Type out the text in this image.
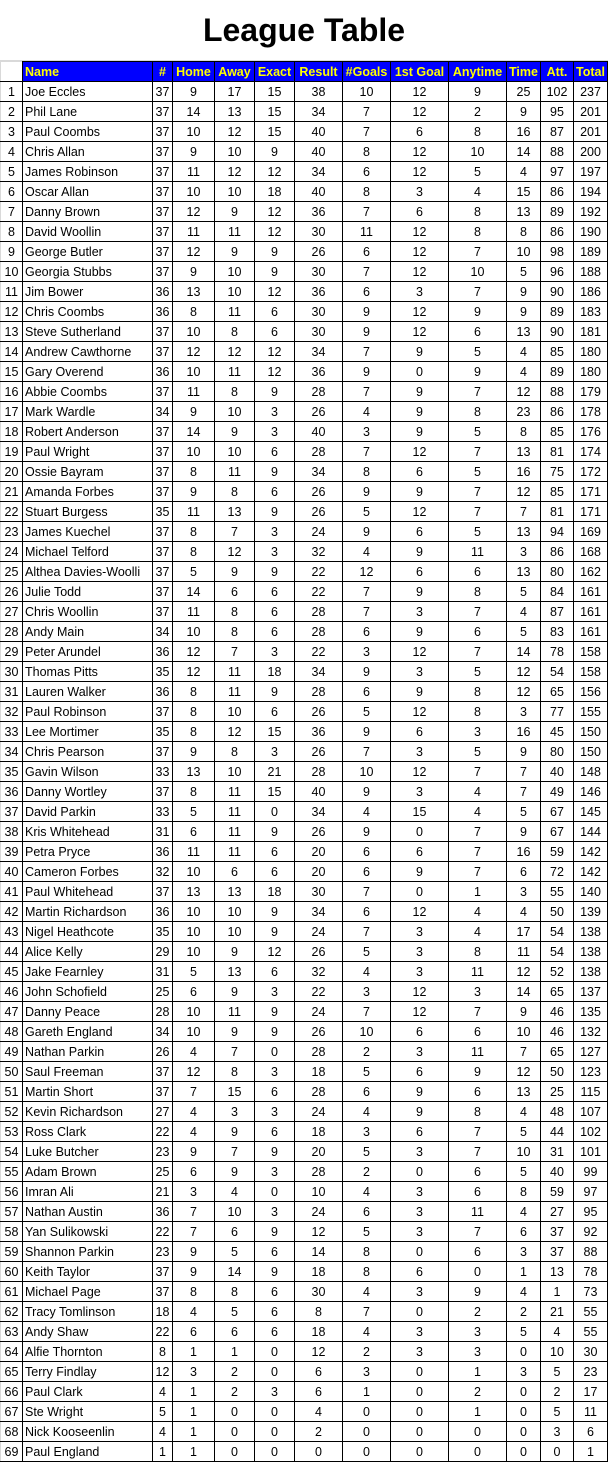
League Table
	Name	#	Home	Away	Exact	Result	#Goals	1st Goal	Anytime	Time	Att.	Total
1	Joe Eccles	37	9	17	15	38	10	12	9	25	102	237
2	Phil Lane	37	14	13	15	34	7	12	2	9	95	201
3	Paul Coombs	37	10	12	15	40	7	6	8	16	87	201
4	Chris Allan	37	9	10	9	40	8	12	10	14	88	200
5	James Robinson	37	11	12	12	34	6	12	5	4	97	197
6	Oscar Allan	37	10	10	18	40	8	3	4	15	86	194
7	Danny Brown	37	12	9	12	36	7	6	8	13	89	192
8	David Woollin	37	11	11	12	30	11	12	8	8	86	190
9	George Butler	37	12	9	9	26	6	12	7	10	98	189
10	Georgia Stubbs	37	9	10	9	30	7	12	10	5	96	188
11	Jim Bower	36	13	10	12	36	6	3	7	9	90	186
12	Chris Coombs	36	8	11	6	30	9	12	9	9	89	183
13	Steve Sutherland	37	10	8	6	30	9	12	6	13	90	181
14	Andrew Cawthorne	37	12	12	12	34	7	9	5	4	85	180
15	Gary Overend	36	10	11	12	36	9	0	9	4	89	180
16	Abbie Coombs	37	11	8	9	28	7	9	7	12	88	179
17	Mark Wardle	34	9	10	3	26	4	9	8	23	86	178
18	Robert Anderson	37	14	9	3	40	3	9	5	8	85	176
19	Paul Wright	37	10	10	6	28	7	12	7	13	81	174
20	Ossie Bayram	37	8	11	9	34	8	6	5	16	75	172
21	Amanda Forbes	37	9	8	6	26	9	9	7	12	85	171
22	Stuart Burgess	35	11	13	9	26	5	12	7	7	81	171
23	James Kuechel	37	8	7	3	24	9	6	5	13	94	169
24	Michael Telford	37	8	12	3	32	4	9	11	3	86	168
25	Althea Davies-Woolli	37	5	9	9	22	12	6	6	13	80	162
26	Julie Todd	37	14	6	6	22	7	9	8	5	84	161
27	Chris Woollin	37	11	8	6	28	7	3	7	4	87	161
28	Andy Main	34	10	8	6	28	6	9	6	5	83	161
29	Peter Arundel	36	12	7	3	22	3	12	7	14	78	158
30	Thomas Pitts	35	12	11	18	34	9	3	5	12	54	158
31	Lauren Walker	36	8	11	9	28	6	9	8	12	65	156
32	Paul Robinson	37	8	10	6	26	5	12	8	3	77	155
33	Lee Mortimer	35	8	12	15	36	9	6	3	16	45	150
34	Chris Pearson	37	9	8	3	26	7	3	5	9	80	150
35	Gavin Wilson	33	13	10	21	28	10	12	7	7	40	148
36	Danny Wortley	37	8	11	15	40	9	3	4	7	49	146
37	David Parkin	33	5	11	0	34	4	15	4	5	67	145
38	Kris Whitehead	31	6	11	9	26	9	0	7	9	67	144
39	Petra Pryce	36	11	11	6	20	6	6	7	16	59	142
40	Cameron Forbes	32	10	6	6	20	6	9	7	6	72	142
41	Paul Whitehead	37	13	13	18	30	7	0	1	3	55	140
42	Martin Richardson	36	10	10	9	34	6	12	4	4	50	139
43	Nigel Heathcote	35	10	10	9	24	7	3	4	17	54	138
44	Alice Kelly	29	10	9	12	26	5	3	8	11	54	138
45	Jake Fearnley	31	5	13	6	32	4	3	11	12	52	138
46	John Schofield	25	6	9	3	22	3	12	3	14	65	137
47	Danny Peace	28	10	11	9	24	7	12	7	9	46	135
48	Gareth England	34	10	9	9	26	10	6	6	10	46	132
49	Nathan Parkin	26	4	7	0	28	2	3	11	7	65	127
50	Saul Freeman	37	12	8	3	18	5	6	9	12	50	123
51	Martin Short	37	7	15	6	28	6	9	6	13	25	115
52	Kevin Richardson	27	4	3	3	24	4	9	8	4	48	107
53	Ross Clark	22	4	9	6	18	3	6	7	5	44	102
54	Luke Butcher	23	9	7	9	20	5	3	7	10	31	101
55	Adam Brown	25	6	9	3	28	2	0	6	5	40	99
56	Imran Ali	21	3	4	0	10	4	3	6	8	59	97
57	Nathan Austin	36	7	10	3	24	6	3	11	4	27	95
58	Yan Sulikowski	22	7	6	9	12	5	3	7	6	37	92
59	Shannon Parkin	23	9	5	6	14	8	0	6	3	37	88
60	Keith Taylor	37	9	14	9	18	8	6	0	1	13	78
61	Michael Page	37	8	8	6	30	4	3	9	4	1	73
62	Tracy Tomlinson	18	4	5	6	8	7	0	2	2	21	55
63	Andy Shaw	22	6	6	6	18	4	3	3	5	4	55
64	Alfie Thornton	8	1	1	0	12	2	3	3	0	10	30
65	Terry Findlay	12	3	2	0	6	3	0	1	3	5	23
66	Paul Clark	4	1	2	3	6	1	0	2	0	2	17
67	Ste Wright	5	1	0	0	4	0	0	1	0	5	11
68	Nick Kooseenlin	4	1	0	0	2	0	0	0	0	3	6
69	Paul England	1	1	0	0	0	0	0	0	0	0	1
